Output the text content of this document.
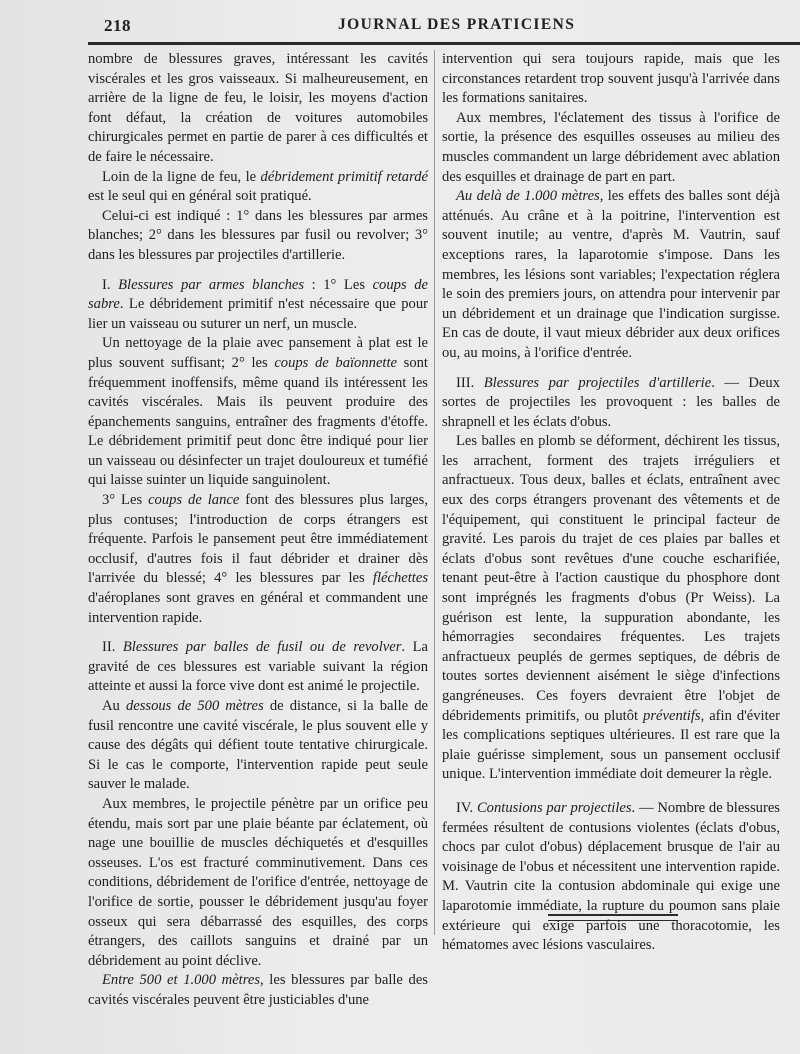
218	JOURNAL DES PRATICIENS

nombre de blessures graves, intéressant les cavités viscérales et les gros vaisseaux. Si malheureusement, en arrière de la ligne de feu, le loisir, les moyens d'action font défaut, la création de voitures automobiles chirurgicales permet en partie de parer à ces difficultés et de faire le nécessaire.

Loin de la ligne de feu, le débridement primitif retardé est le seul qui en général soit pratiqué.

Celui-ci est indiqué : 1° dans les blessures par armes blanches; 2° dans les blessures par fusil ou revolver; 3° dans les blessures par projectiles d'artillerie.

I. Blessures par armes blanches : 1° Les coups de sabre. Le débridement primitif n'est nécessaire que pour lier un vaisseau ou suturer un nerf, un muscle.

Un nettoyage de la plaie avec pansement à plat est le plus souvent suffisant; 2° les coups de baïonnette sont fréquemment inoffensifs, même quand ils intéressent les cavités viscérales. Mais ils peuvent produire des épanchements sanguins, entraîner des fragments d'étoffe. Le débridement primitif peut donc être indiqué pour lier un vaisseau ou désinfecter un trajet douloureux et tuméfié qui laisse suinter un liquide sanguinolent.

3° Les coups de lance font des blessures plus larges, plus contuses; l'introduction de corps étrangers est fréquente. Parfois le pansement peut être immédiatement occlusif, d'autres fois il faut débrider et drainer dès l'arrivée du blessé; 4° les blessures par les fléchettes d'aéroplanes sont graves en général et commandent une intervention rapide.

II. Blessures par balles de fusil ou de revolver. La gravité de ces blessures est variable suivant la région atteinte et aussi la force vive dont est animé le projectile.

Au dessous de 500 mètres de distance, si la balle de fusil rencontre une cavité viscérale, le plus souvent elle y cause des dégâts qui défient toute tentative chirurgicale. Si le cas le comporte, l'intervention rapide peut seule sauver le malade.

Aux membres, le projectile pénètre par un orifice peu étendu, mais sort par une plaie béante par éclatement, où nage une bouillie de muscles déchiquetés et d'esquilles osseuses. L'os est fracturé comminutivement. Dans ces conditions, débridement de l'orifice d'entrée, nettoyage de l'orifice de sortie, pousser le débridement jusqu'au foyer osseux qui sera débarrassé des esquilles, des corps étrangers, des caillots sanguins et drainé par un débridement au point déclive.

Entre 500 et 1.000 mètres, les blessures par balle des cavités viscérales peuvent être justiciables d'une

intervention qui sera toujours rapide, mais que les circonstances retardent trop souvent jusqu'à l'arrivée dans les formations sanitaires.

Aux membres, l'éclatement des tissus à l'orifice de sortie, la présence des esquilles osseuses au milieu des muscles commandent un large débridement avec ablation des esquilles et drainage de part en part.

Au delà de 1.000 mètres, les effets des balles sont déjà atténués. Au crâne et à la poitrine, l'intervention est souvent inutile; au ventre, d'après M. Vautrin, sauf exceptions rares, la laparotomie s'impose. Dans les membres, les lésions sont variables; l'expectation réglera le soin des premiers jours, on attendra pour intervenir par un débridement et un drainage que l'indication surgisse. En cas de doute, il vaut mieux débrider aux deux orifices ou, au moins, à l'orifice d'entrée.

III. Blessures par projectiles d'artillerie. — Deux sortes de projectiles les provoquent : les balles de shrapnell et les éclats d'obus.

Les balles en plomb se déforment, déchirent les tissus, les arrachent, forment des trajets irréguliers et anfractueux. Tous deux, balles et éclats, entraînent avec eux des corps étrangers provenant des vêtements et de l'équipement, qui constituent le principal facteur de gravité. Les parois du trajet de ces plaies par balles et éclats d'obus sont revêtues d'une couche escharifiée, tenant peut-être à l'action caustique du phosphore dont sont imprégnés les fragments d'obus (Pr Weiss). La guérison est lente, la suppuration abondante, les hémorragies secondaires fréquentes. Les trajets anfractueux peuplés de germes septiques, de débris de toutes sortes deviennent aisément le siège d'infections gangréneuses. Ces foyers devraient être l'objet de débridements primitifs, ou plutôt préventifs, afin d'éviter les complications septiques ultérieures. Il est rare que la plaie guérisse simplement, sous un pansement occlusif unique. L'intervention immédiate doit demeurer la règle.

IV. Contusions par projectiles. — Nombre de blessures fermées résultent de contusions violentes (éclats d'obus, chocs par culot d'obus) déplacement brusque de l'air au voisinage de l'obus et nécessitent une intervention rapide. M. Vautrin cite la contusion abdominale qui exige une laparotomie immédiate, la rupture du poumon sans plaie extérieure qui exige parfois une thoracotomie, les hématomes avec lésions vasculaires.
